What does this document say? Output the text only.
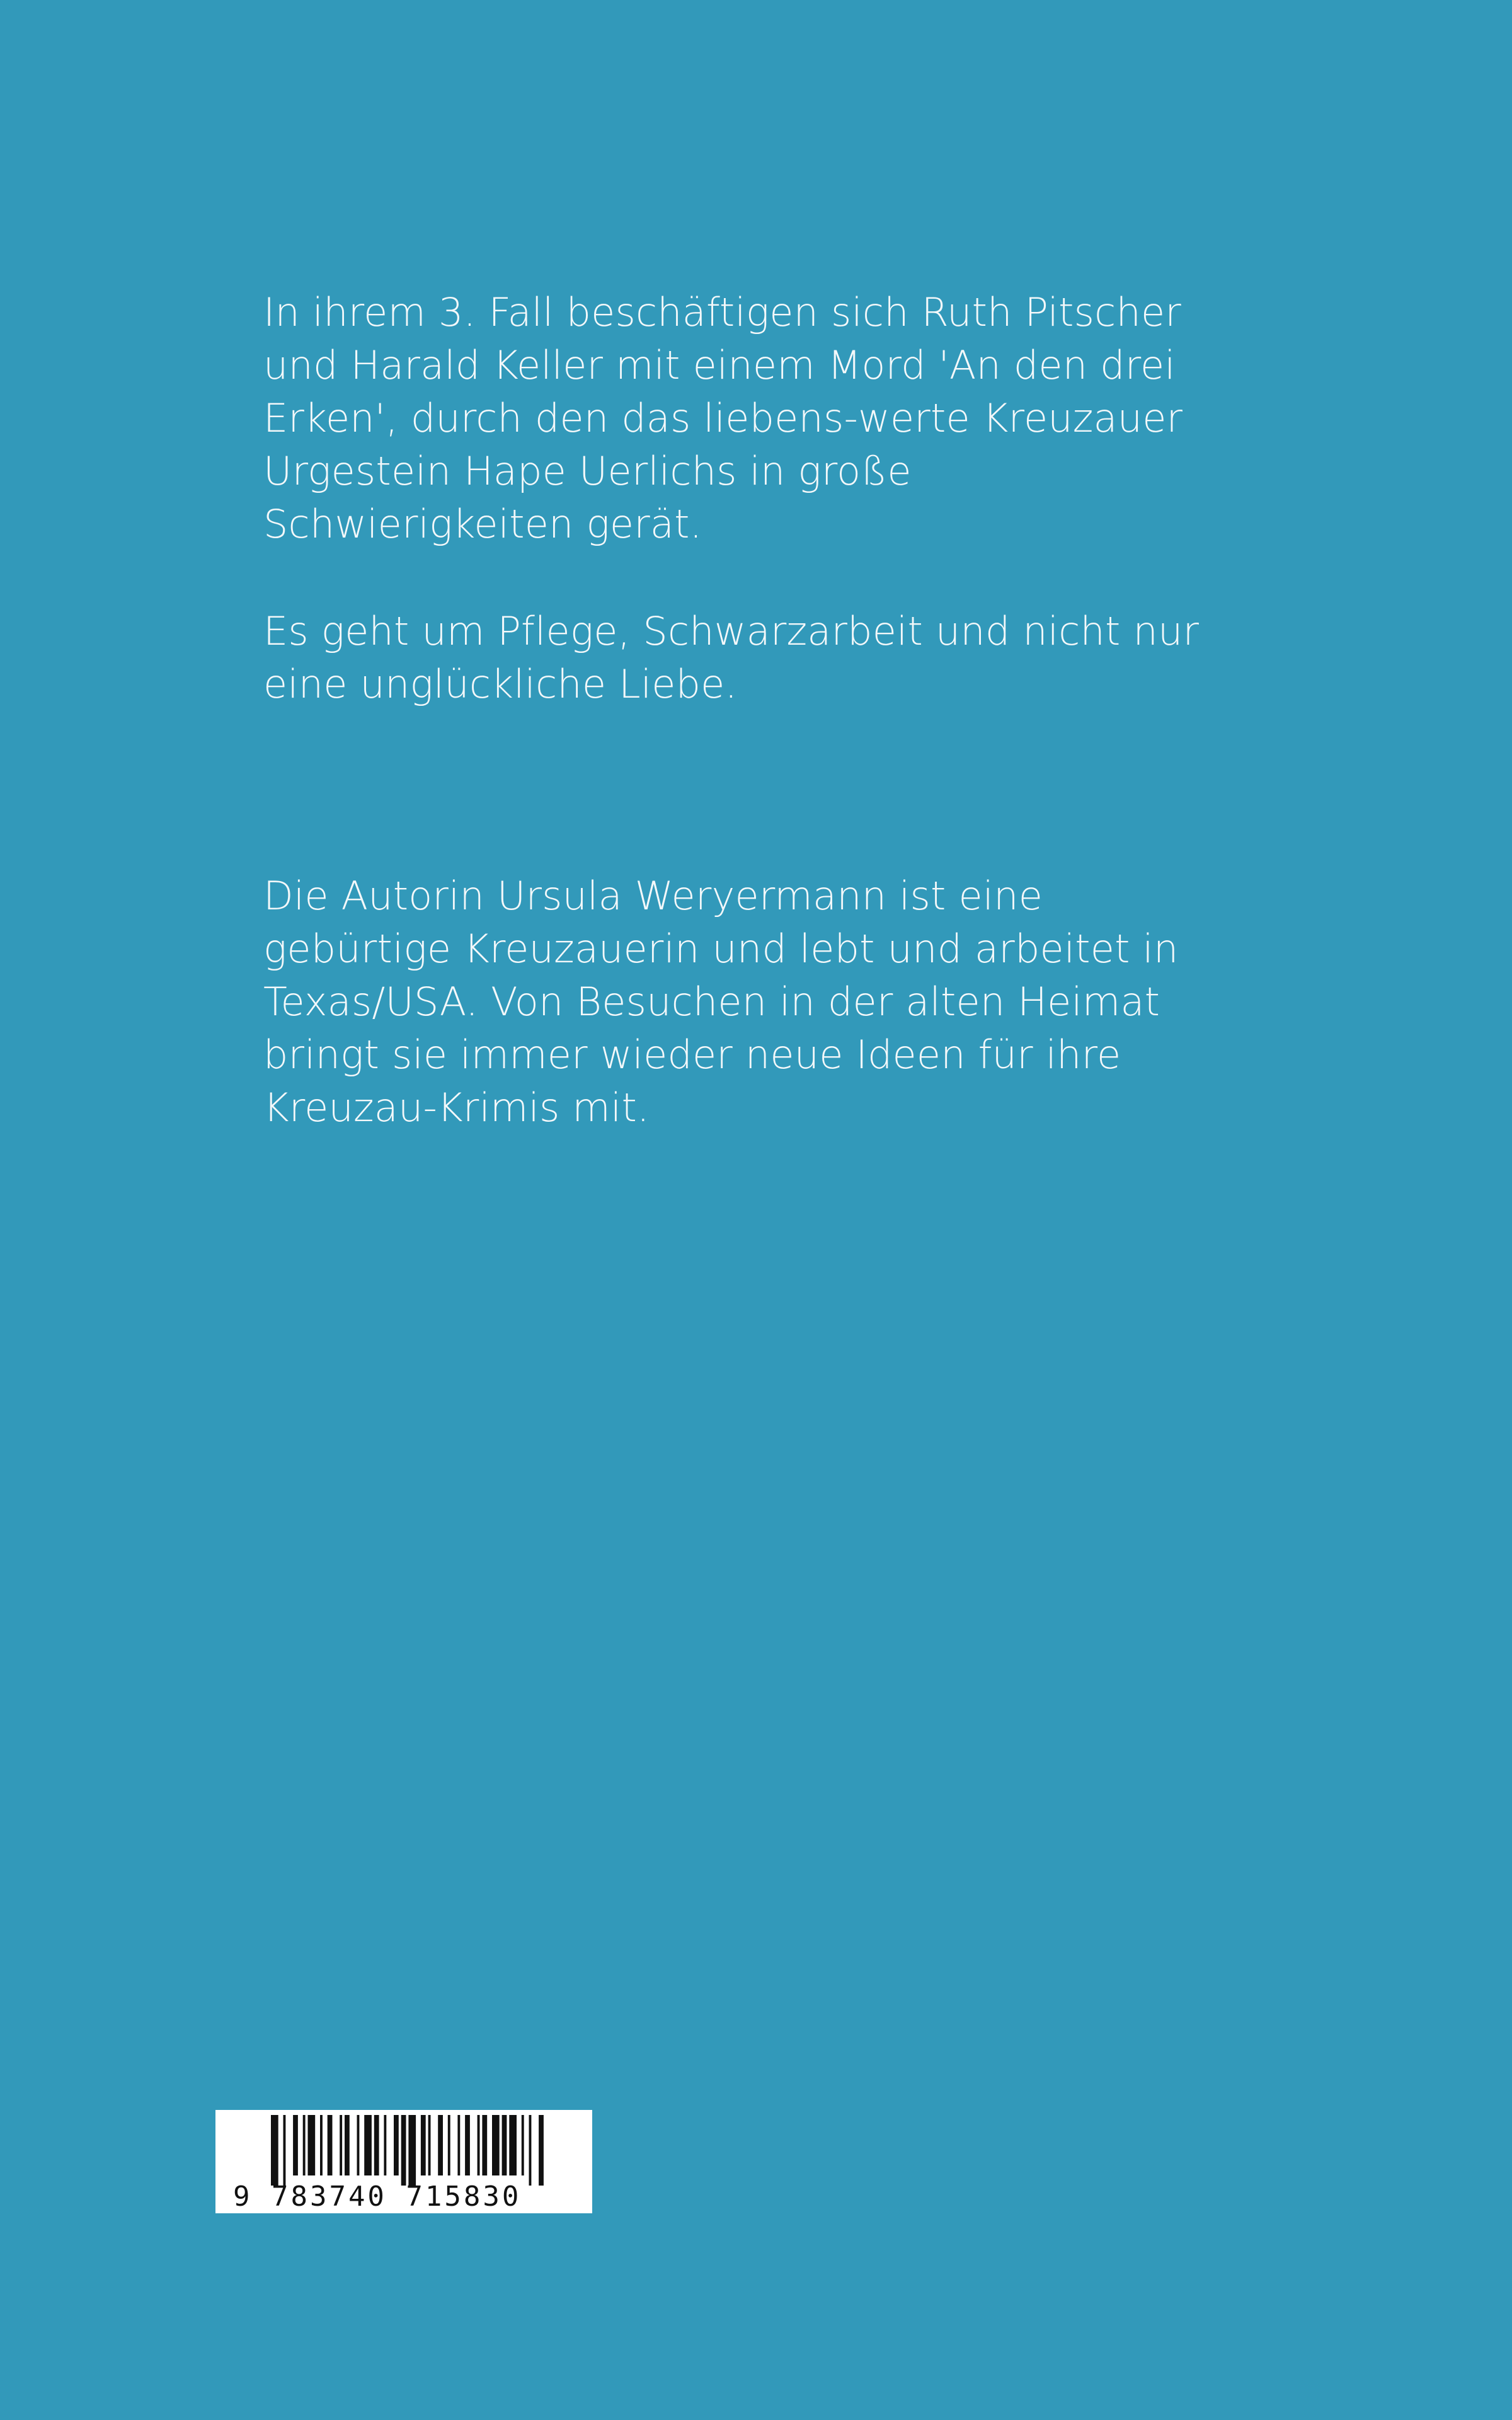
In ihrem 3. Fall beschäftigen sich Ruth Pitscher
und Harald Keller mit einem Mord 'An den drei
Erken', durch den das liebens-werte Kreuzauer
Urgestein Hape Uerlichs in große
Schwierigkeiten gerät.

Es geht um Pflege, Schwarzarbeit und nicht nur
eine unglückliche Liebe.

Die Autorin Ursula Weryermann ist eine
gebürtige Kreuzauerin und lebt und arbeitet in
Texas/USA. Von Besuchen in der alten Heimat
bringt sie immer wieder neue Ideen für ihre
Kreuzau-Krimis mit.

9 783740 715830
